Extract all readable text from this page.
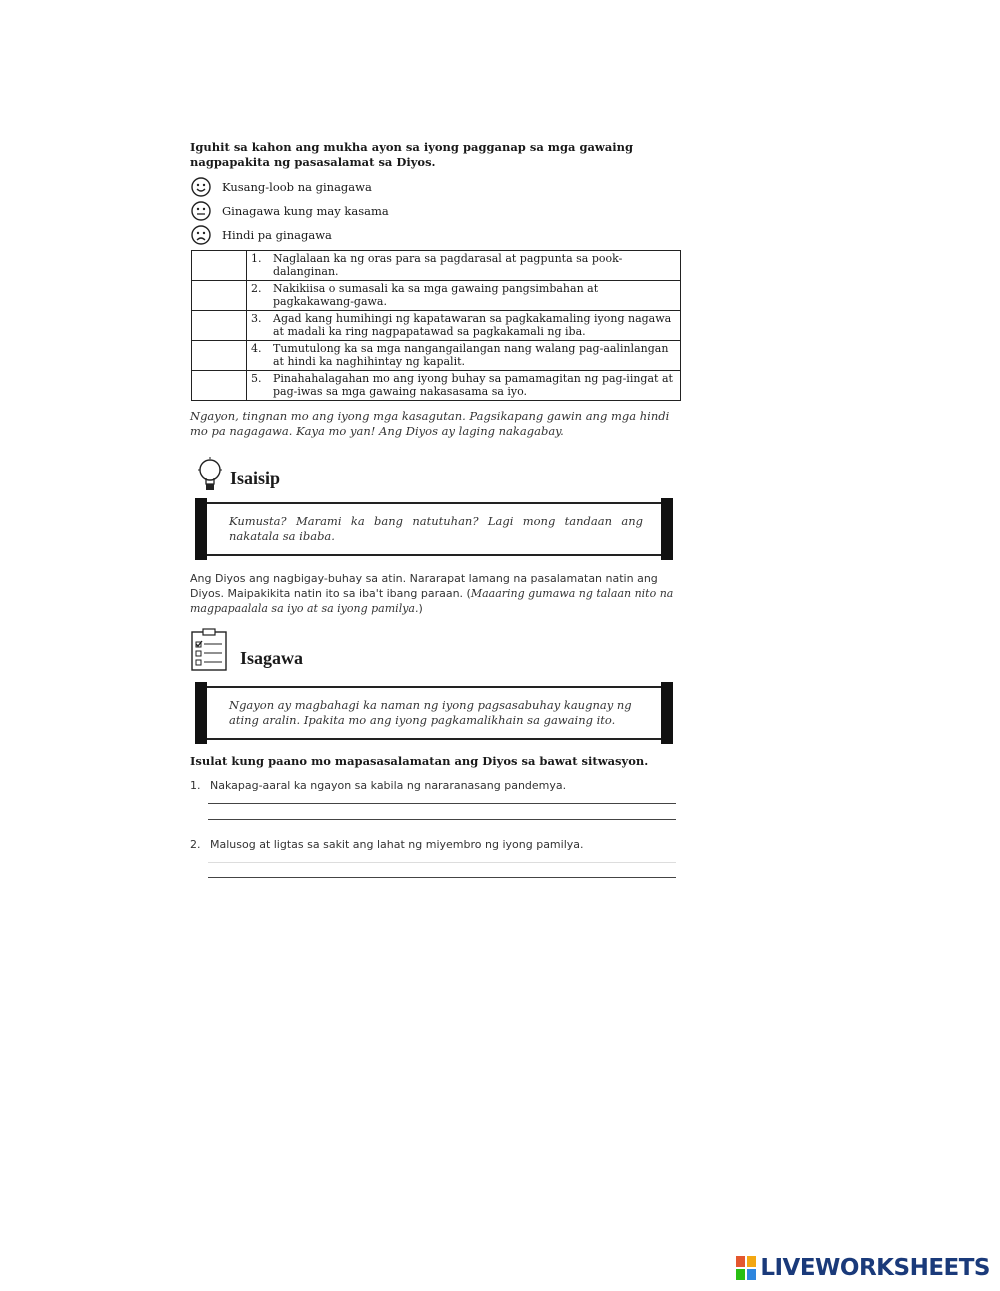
Iguhit sa kahon ang mukha ayon sa iyong pagganap sa mga gawaing nagpapakita ng pasasalamat sa Diyos.
Kusang-loob na ginagawa
Ginagawa kung may kasama
Hindi pa ginagawa

	1. Naglalaan ka ng oras para sa pagdarasal at pagpunta sa pook-dalanginan.

	2. Nakikiisa o sumasali ka sa mga gawaing pangsimbahan at pagkakawang-gawa.

	3. Agad kang humihingi ng kapatawaran sa pagkakamaling iyong nagawa at madali ka ring nagpapatawad sa pagkakamali ng iba.

	4. Tumutulong ka sa mga nangangailangan nang walang pag-aalinlangan at hindi ka naghihintay ng kapalit.

	5. Pinahahalagahan mo ang iyong buhay sa pamamagitan ng pag-iingat at pag-iwas sa mga gawaing nakasasama sa iyo.
Ngayon, tingnan mo ang iyong mga kasagutan. Pagsikapang gawin ang mga hindi mo pa nagagawa. Kaya mo yan! Ang Diyos ay laging nakagabay.
Isaisip
Kumusta? Marami ka bang natutuhan? Lagi mong tandaan ang nakatala sa ibaba.
Ang Diyos ang nagbigay-buhay sa atin. Nararapat lamang na pasalamatan natin ang Diyos. Maipakikita natin ito sa iba't ibang paraan. (Maaaring gumawa ng talaan nito na magpapaalala sa iyo at sa iyong pamilya.)
Isagawa
Ngayon ay magbahagi ka naman ng iyong pagsasabuhay kaugnay ng ating aralin. Ipakita mo ang iyong pagkamalikhain sa gawaing ito.
Isulat kung paano mo mapasasalamatan ang Diyos sa bawat sitwasyon.
1. Nakapag-aaral ka ngayon sa kabila ng nararanasang pandemya.
2. Malusog at ligtas sa sakit ang lahat ng miyembro ng iyong pamilya.
LIVEWORKSHEETS
